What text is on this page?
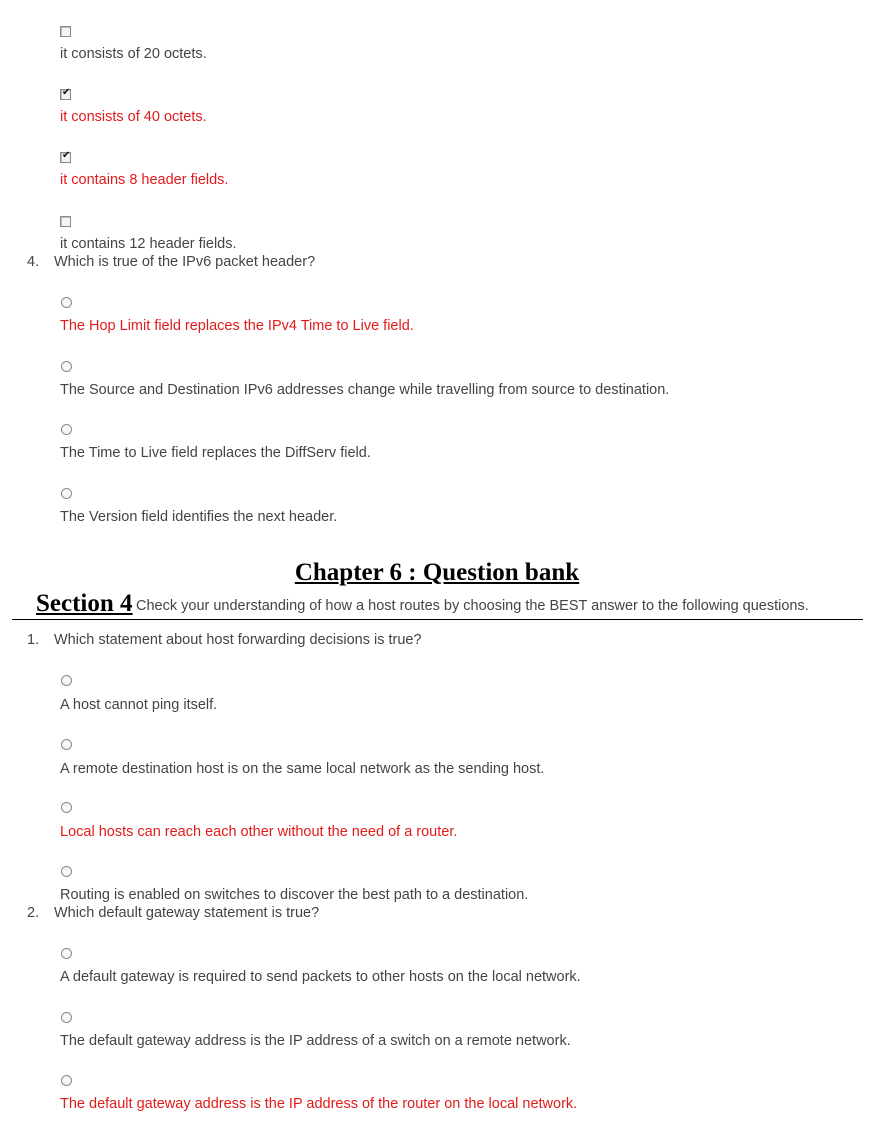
it consists of 20 octets.
✔
it consists of 40 octets.
✔
it contains 8 header fields.
it contains 12 header fields.
4. Which is true of the IPv6 packet header?
The Hop Limit field replaces the IPv4 Time to Live field.
The Source and Destination IPv6 addresses change while travelling from source to destination.
The Time to Live field replaces the DiffServ field.
The Version field identifies the next header.
Chapter 6 : Question bank
Section 4 Check your understanding of how a host routes by choosing the BEST answer to the following questions.
1. Which statement about host forwarding decisions is true?
A host cannot ping itself.
A remote destination host is on the same local network as the sending host.
Local hosts can reach each other without the need of a router.
Routing is enabled on switches to discover the best path to a destination.
2. Which default gateway statement is true?
A default gateway is required to send packets to other hosts on the local network.
The default gateway address is the IP address of a switch on a remote network.
The default gateway address is the IP address of the router on the local network.
